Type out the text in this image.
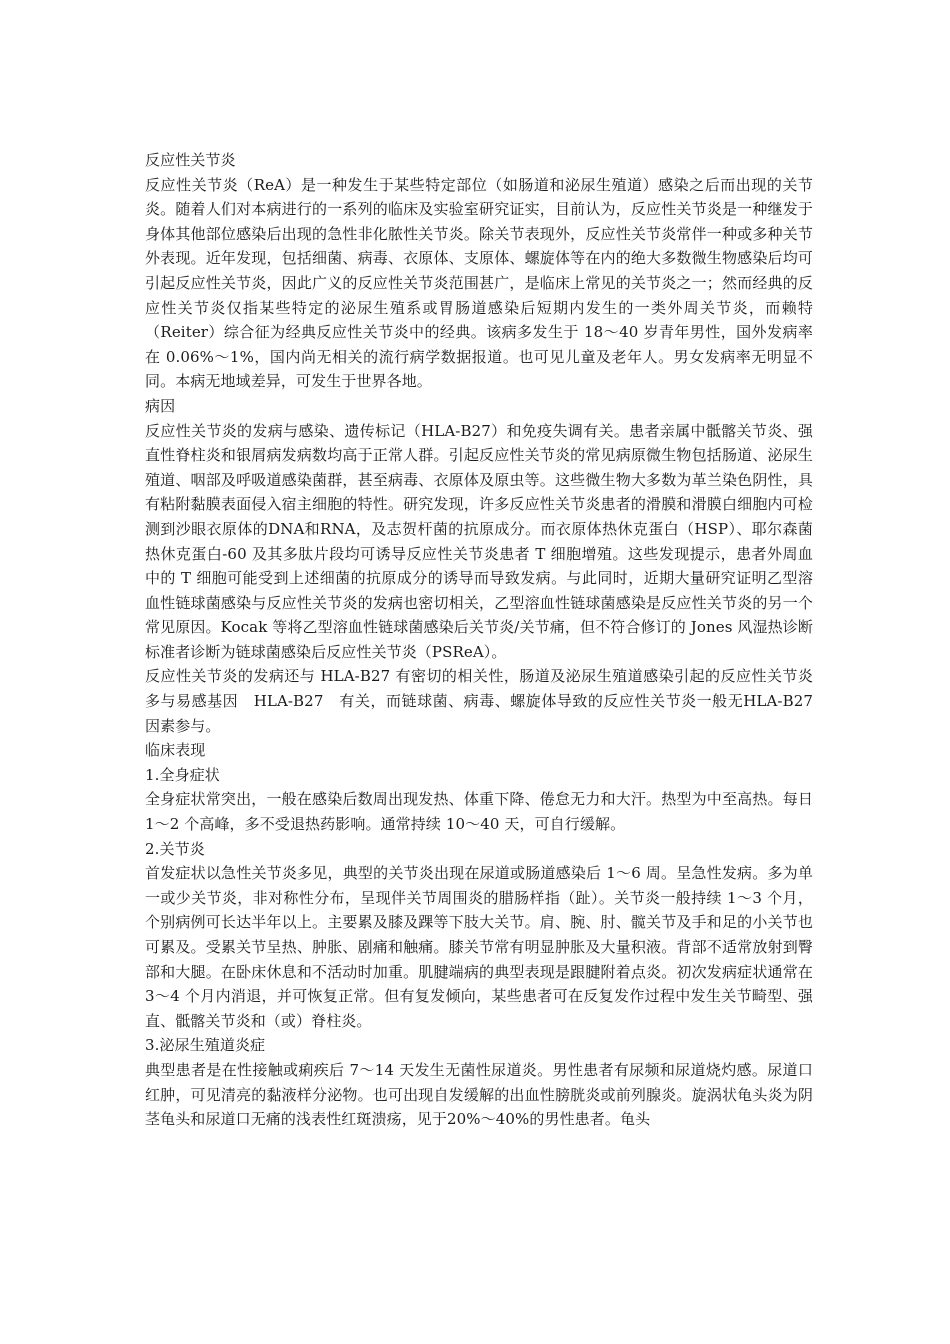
反应性关节炎

反应性关节炎（ReA）是一种发生于某些特定部位（如肠道和泌尿生殖道）感染之后而出现的关节炎。随着人们对本病进行的一系列的临床及实验室研究证实，目前认为，反应性关节炎是一种继发于身体其他部位感染后出现的急性非化脓性关节炎。除关节表现外，反应性关节炎常伴一种或多种关节外表现。近年发现，包括细菌、病毒、衣原体、支原体、螺旋体等在内的绝大多数微生物感染后均可引起反应性关节炎，因此广义的反应性关节炎范围甚广，是临床上常见的关节炎之一；然而经典的反应性关节炎仅指某些特定的泌尿生殖系或胃肠道感染后短期内发生的一类外周关节炎，而赖特（Reiter）综合征为经典反应性关节炎中的经典。该病多发生于 18～40 岁青年男性，国外发病率在 0.06%～1%，国内尚无相关的流行病学数据报道。也可见儿童及老年人。男女发病率无明显不同。本病无地域差异，可发生于世界各地。

病因

反应性关节炎的发病与感染、遗传标记（HLA-B27）和免疫失调有关。患者亲属中骶髂关节炎、强直性脊柱炎和银屑病发病数均高于正常人群。引起反应性关节炎的常见病原微生物包括肠道、泌尿生殖道、咽部及呼吸道感染菌群，甚至病毒、衣原体及原虫等。这些微生物大多数为革兰染色阴性，具有粘附黏膜表面侵入宿主细胞的特性。研究发现，许多反应性关节炎患者的滑膜和滑膜白细胞内可检测到沙眼衣原体的DNA和RNA，及志贺杆菌的抗原成分。而衣原体热休克蛋白（HSP）、耶尔森菌热休克蛋白-60 及其多肽片段均可诱导反应性关节炎患者 T 细胞增殖。这些发现提示，患者外周血中的 T 细胞可能受到上述细菌的抗原成分的诱导而导致发病。与此同时，近期大量研究证明乙型溶血性链球菌感染与反应性关节炎的发病也密切相关，乙型溶血性链球菌感染是反应性关节炎的另一个常见原因。Kocak 等将乙型溶血性链球菌感染后关节炎/关节痛，但不符合修订的 Jones 风湿热诊断标准者诊断为链球菌感染后反应性关节炎（PSReA）。

反应性关节炎的发病还与 HLA-B27 有密切的相关性，肠道及泌尿生殖道感染引起的反应性关节炎多与易感基因　HLA-B27　有关，而链球菌、病毒、螺旋体导致的反应性关节炎一般无HLA-B27 因素参与。

临床表现

1.全身症状

全身症状常突出，一般在感染后数周出现发热、体重下降、倦怠无力和大汗。热型为中至高热。每日 1～2 个高峰，多不受退热药影响。通常持续 10～40 天，可自行缓解。

2.关节炎

首发症状以急性关节炎多见，典型的关节炎出现在尿道或肠道感染后 1～6 周。呈急性发病。多为单一或少关节炎，非对称性分布，呈现伴关节周围炎的腊肠样指（趾）。关节炎一般持续 1～3 个月，个别病例可长达半年以上。主要累及膝及踝等下肢大关节。肩、腕、肘、髋关节及手和足的小关节也可累及。受累关节呈热、肿胀、剧痛和触痛。膝关节常有明显肿胀及大量积液。背部不适常放射到臀部和大腿。在卧床休息和不活动时加重。肌腱端病的典型表现是跟腱附着点炎。初次发病症状通常在 3～4 个月内消退，并可恢复正常。但有复发倾向，某些患者可在反复发作过程中发生关节畸型、强直、骶髂关节炎和（或）脊柱炎。

3.泌尿生殖道炎症

典型患者是在性接触或痢疾后 7～14 天发生无菌性尿道炎。男性患者有尿频和尿道烧灼感。尿道口红肿，可见清亮的黏液样分泌物。也可出现自发缓解的出血性膀胱炎或前列腺炎。旋涡状龟头炎为阴茎龟头和尿道口无痛的浅表性红斑溃疡，见于20%～40%的男性患者。龟头
